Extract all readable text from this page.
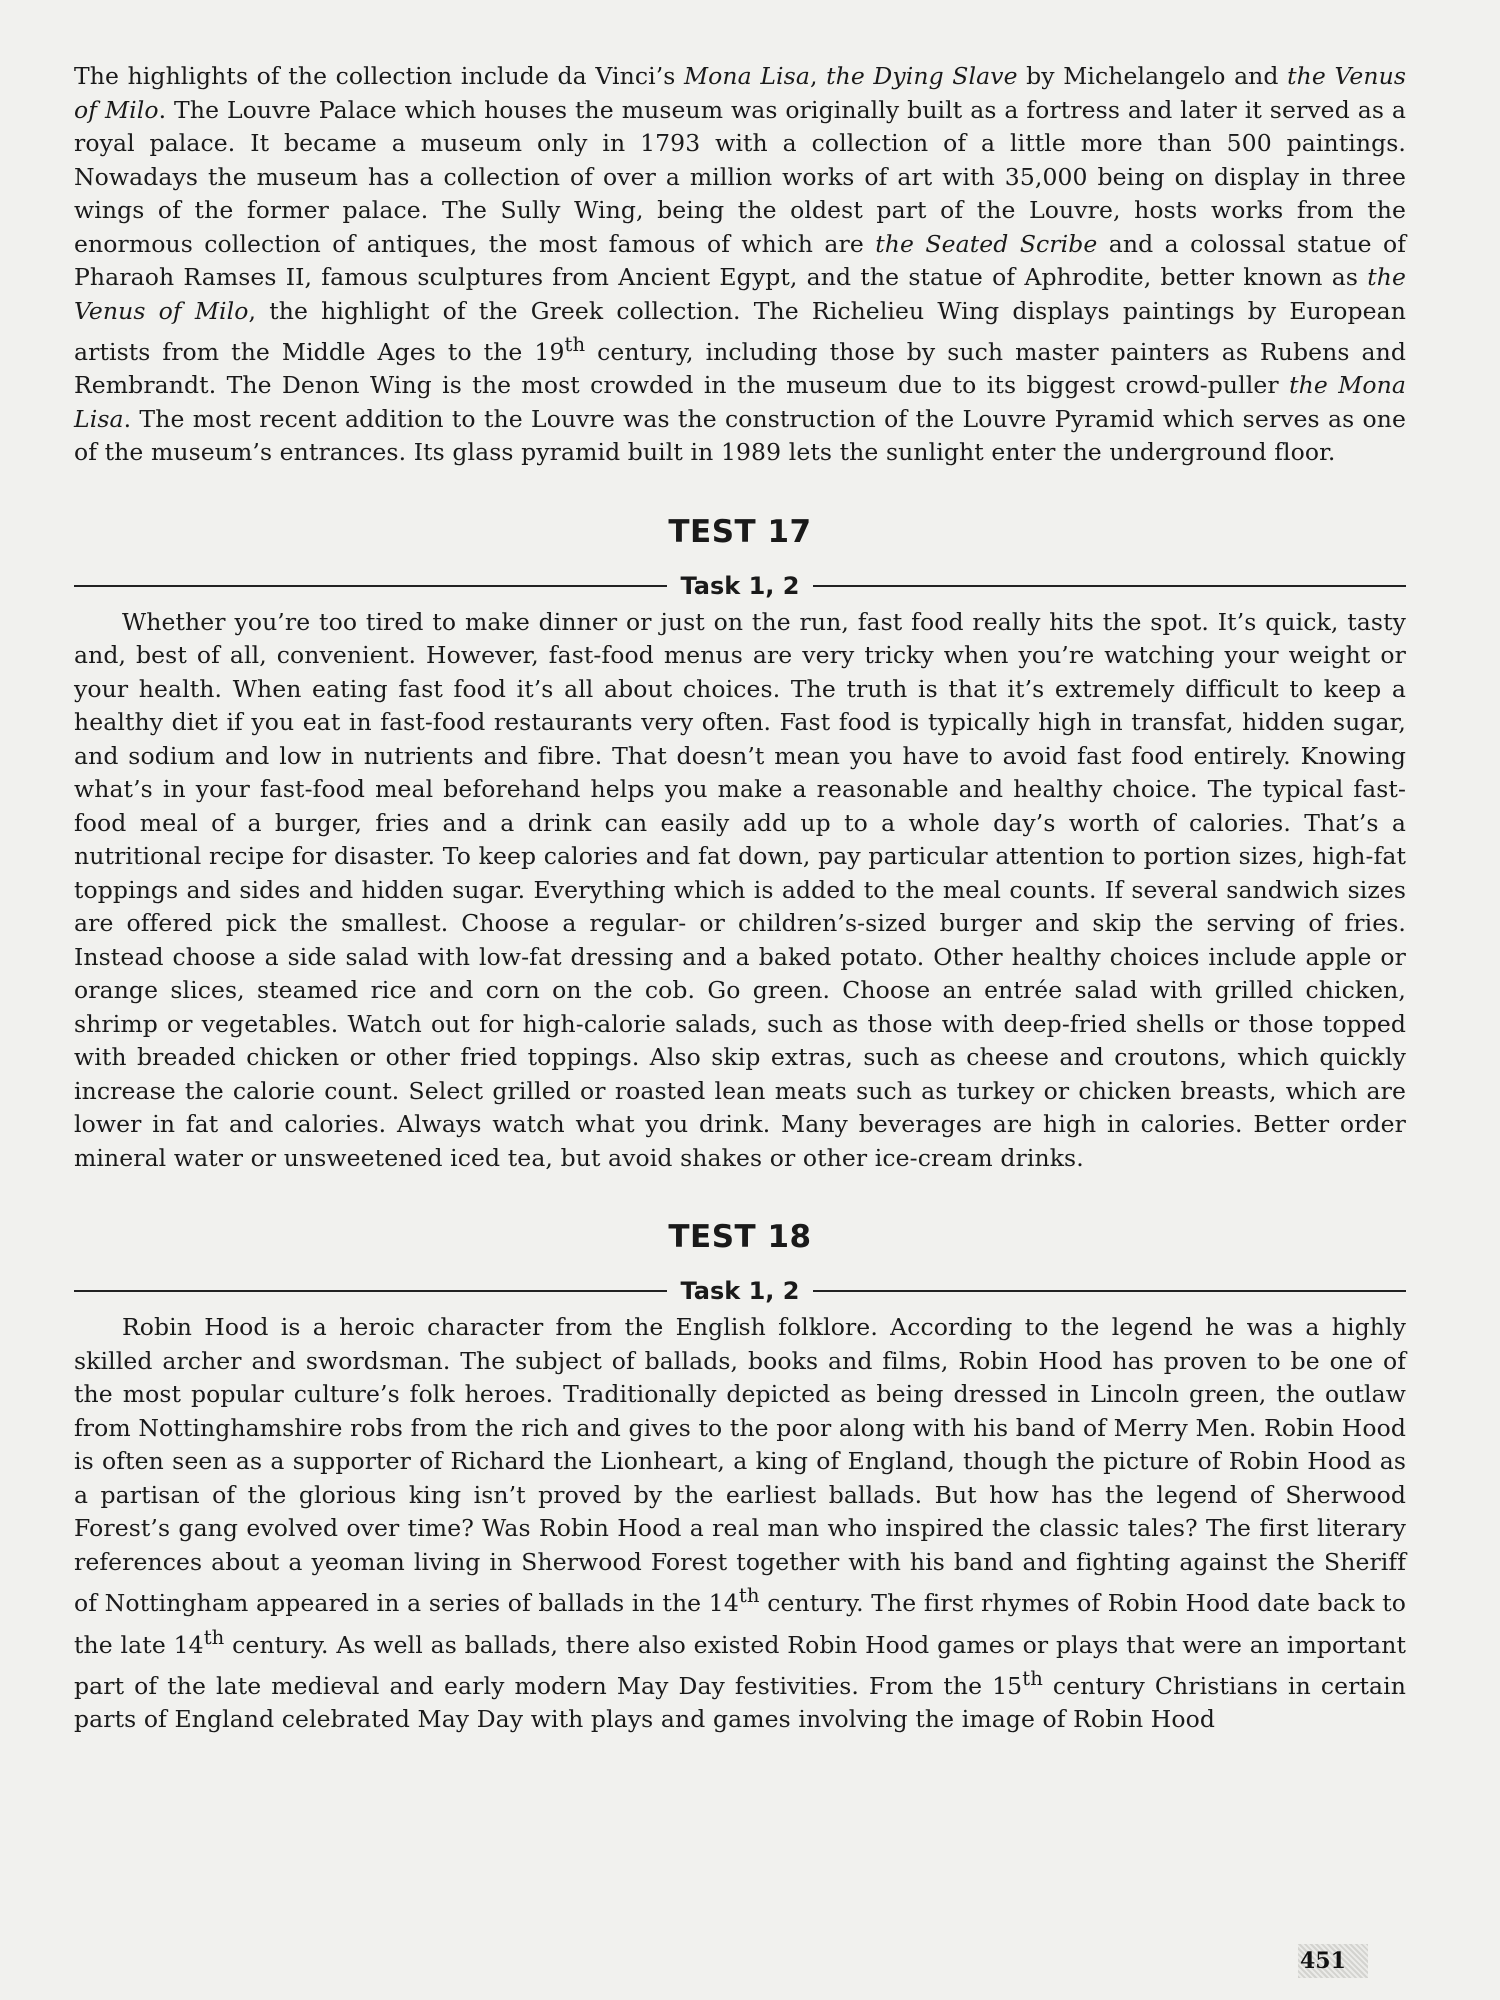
The highlights of the collection include da Vinci’s Mona Lisa, the Dying Slave by Michelangelo and the Venus of Milo. The Louvre Palace which houses the museum was originally built as a fortress and later it served as a royal palace. It became a museum only in 1793 with a collection of a little more than 500 paintings. Nowadays the museum has a collection of over a million works of art with 35,000 being on display in three wings of the former palace. The Sully Wing, being the oldest part of the Louvre, hosts works from the enormous collection of antiques, the most famous of which are the Seated Scribe and a colossal statue of Pharaoh Ramses II, famous sculptures from Ancient Egypt, and the statue of Aphrodite, better known as the Venus of Milo, the highlight of the Greek collection. The Richelieu Wing displays paintings by European artists from the Middle Ages to the 19th century, including those by such master painters as Rubens and Rembrandt. The Denon Wing is the most crowded in the museum due to its biggest crowd-puller the Mona Lisa. The most recent addition to the Louvre was the construction of the Louvre Pyramid which serves as one of the museum’s entrances. Its glass pyramid built in 1989 lets the sunlight enter the underground floor.

TEST 17
Task 1, 2

Whether you’re too tired to make dinner or just on the run, fast food really hits the spot. It’s quick, tasty and, best of all, convenient. However, fast-food menus are very tricky when you’re watching your weight or your health. When eating fast food it’s all about choices. The truth is that it’s extremely difficult to keep a healthy diet if you eat in fast-food restaurants very often. Fast food is typically high in transfat, hidden sugar, and sodium and low in nutrients and fibre. That doesn’t mean you have to avoid fast food entirely. Knowing what’s in your fast-food meal beforehand helps you make a reasonable and healthy choice. The typical fast-food meal of a burger, fries and a drink can easily add up to a whole day’s worth of calories. That’s a nutritional recipe for disaster. To keep calories and fat down, pay particular attention to portion sizes, high-fat toppings and sides and hidden sugar. Everything which is added to the meal counts. If several sandwich sizes are offered pick the smallest. Choose a regular- or children’s-sized burger and skip the serving of fries. Instead choose a side salad with low-fat dressing and a baked potato. Other healthy choices include apple or orange slices, steamed rice and corn on the cob. Go green. Choose an entrée salad with grilled chicken, shrimp or vegetables. Watch out for high-calorie salads, such as those with deep-fried shells or those topped with breaded chicken or other fried toppings. Also skip extras, such as cheese and croutons, which quickly increase the calorie count. Select grilled or roasted lean meats such as turkey or chicken breasts, which are lower in fat and calories. Always watch what you drink. Many beverages are high in calories. Better order mineral water or unsweetened iced tea, but avoid shakes or other ice-cream drinks.

TEST 18
Task 1, 2

Robin Hood is a heroic character from the English folklore. According to the legend he was a highly skilled archer and swordsman. The subject of ballads, books and films, Robin Hood has proven to be one of the most popular culture’s folk heroes. Traditionally depicted as being dressed in Lincoln green, the outlaw from Nottinghamshire robs from the rich and gives to the poor along with his band of Merry Men. Robin Hood is often seen as a supporter of Richard the Lionheart, a king of England, though the picture of Robin Hood as a partisan of the glorious king isn’t proved by the earliest ballads. But how has the legend of Sherwood Forest’s gang evolved over time? Was Robin Hood a real man who inspired the classic tales? The first literary references about a yeoman living in Sherwood Forest together with his band and fighting against the Sheriff of Nottingham appeared in a series of ballads in the 14th century. The first rhymes of Robin Hood date back to the late 14th century. As well as ballads, there also existed Robin Hood games or plays that were an important part of the late medieval and early modern May Day festivities. From the 15th century Christians in certain parts of England celebrated May Day with plays and games involving the image of Robin Hood

451
